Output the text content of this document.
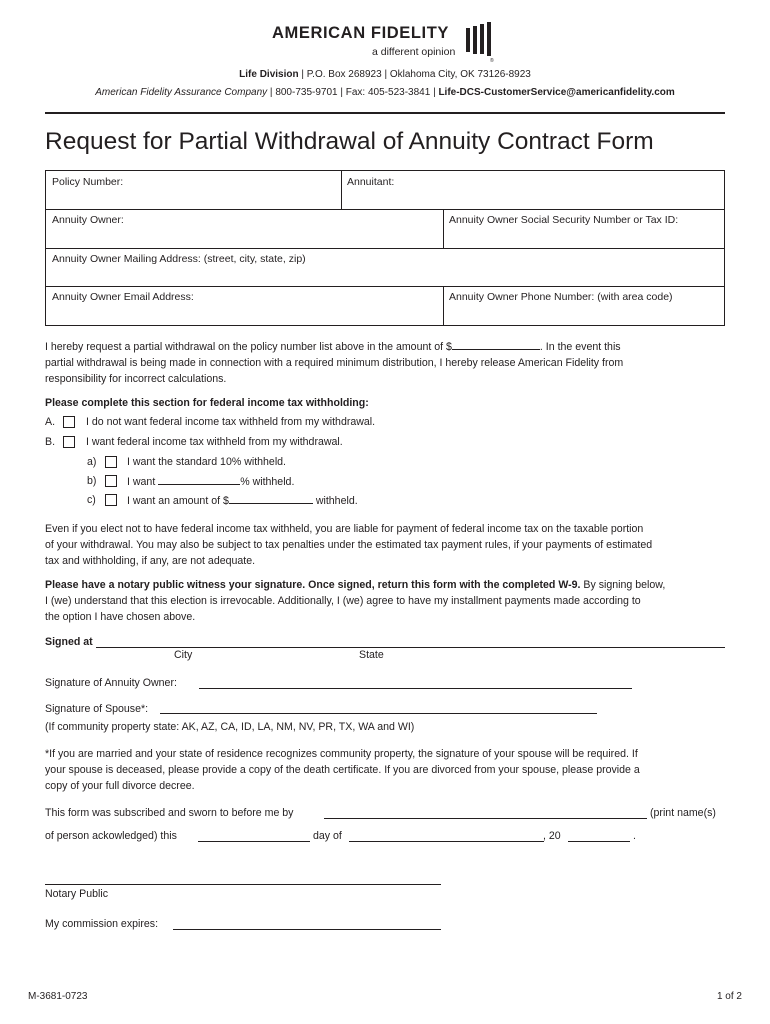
AMERICAN FIDELITY
a different opinion
®
Life Division | P.O. Box 268923 | Oklahoma City, OK 73126-8923
American Fidelity Assurance Company | 800-735-9701 | Fax: 405-523-3841 | Life-DCS-CustomerService@americanfidelity.com
Request for Partial Withdrawal of Annuity Contract Form
Policy Number:	Annuitant:
Annuity Owner:	Annuity Owner Social Security Number or Tax ID:
Annuity Owner Mailing Address: (street, city, state, zip)
Annuity Owner Email Address:	Annuity Owner Phone Number: (with area code)
I hereby request a partial withdrawal on the policy number list above in the amount of $	. In the event this
partial withdrawal is being made in connection with a required minimum distribution, I hereby release American Fidelity from
responsibility for incorrect calculations.
Please complete this section for federal income tax withholding:
A.	I do not want federal income tax withheld from my withdrawal.
B.	I want federal income tax withheld from my withdrawal.
a)	I want the standard 10% withheld.
b)	I want	% withheld.
c)	I want an amount of $	withheld.
Even if you elect not to have federal income tax withheld, you are liable for payment of federal income tax on the taxable portion
of your withdrawal. You may also be subject to tax penalties under the estimated tax payment rules, if your payments of estimated
tax and withholding, if any, are not adequate.
Please have a notary public witness your signature. Once signed, return this form with the completed W-9. By signing below,
I (we) understand that this election is irrevocable. Additionally, I (we) agree to have my installment payments made according to
the option I have chosen above.
Signed at
City	State
Signature of Annuity Owner:
Signature of Spouse*:
(If community property state: AK, AZ, CA, ID, LA, NM, NV, PR, TX, WA and WI)
*If you are married and your state of residence recognizes community property, the signature of your spouse will be required. If
your spouse is deceased, please provide a copy of the death certificate. If you are divorced from your spouse, please provide a
copy of your full divorce decree.
This form was subscribed and sworn to before me by	(print name(s)
of person ackowledged) this	day of	, 20	.
Notary Public
My commission expires:
M-3681-0723	1 of 2
